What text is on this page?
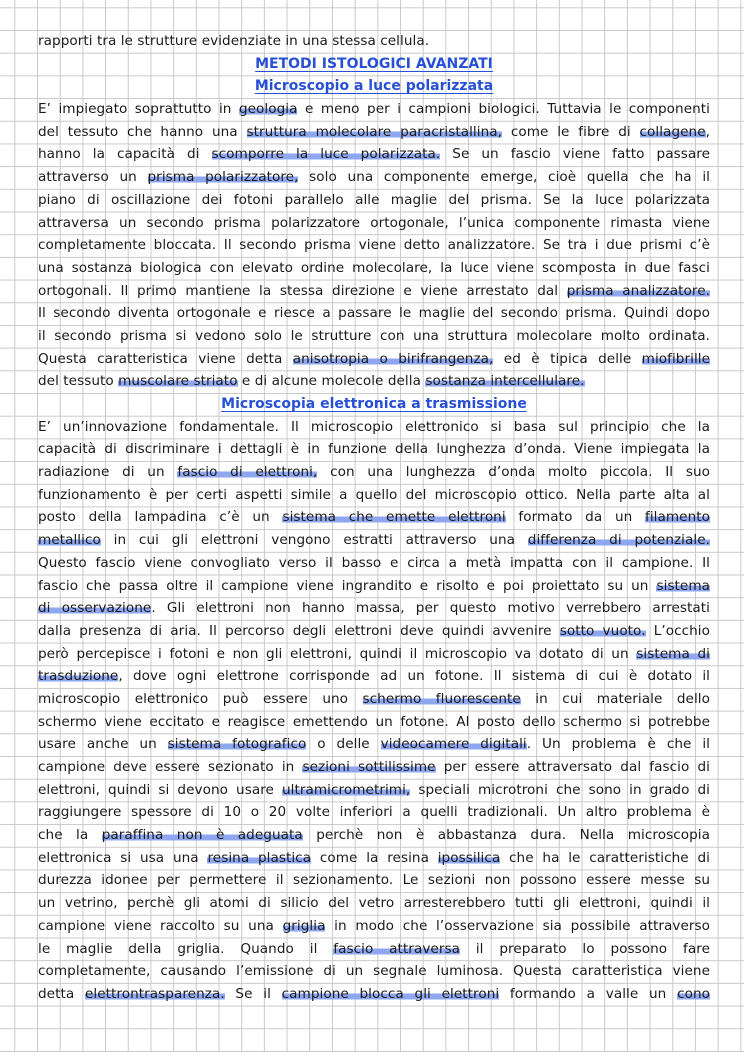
rapporti tra le strutture evidenziate in una stessa cellula.
METODI ISTOLOGICI AVANZATI
Microscopio a luce polarizzata
E’ impiegato soprattutto in geologia e meno per i campioni biologici. Tuttavia le componenti
del tessuto che hanno una struttura molecolare paracristallina, come le fibre di collagene,
hanno la capacità di scomporre la luce polarizzata. Se un fascio viene fatto passare
attraverso un prisma polarizzatore, solo una componente emerge, cioè quella che ha il
piano di oscillazione dei fotoni parallelo alle maglie del prisma. Se la luce polarizzata
attraversa un secondo prisma polarizzatore ortogonale, l’unica componente rimasta viene
completamente bloccata. Il secondo prisma viene detto analizzatore. Se tra i due prismi c’è
una sostanza biologica con elevato ordine molecolare, la luce viene scomposta in due fasci
ortogonali. Il primo mantiene la stessa direzione e viene arrestato dal prisma analizzatore.
Il secondo diventa ortogonale e riesce a passare le maglie del secondo prisma. Quindi dopo
il secondo prisma si vedono solo le strutture con una struttura molecolare molto ordinata.
Questa caratteristica viene detta anisotropia o birifrangenza, ed è tipica delle miofibrille
del tessuto muscolare striato e di alcune molecole della sostanza intercellulare.
Microscopia elettronica a trasmissione
E’ un’innovazione fondamentale. Il microscopio elettronico si basa sul principio che la
capacità di discriminare i dettagli è in funzione della lunghezza d’onda. Viene impiegata la
radiazione di un fascio di elettroni, con una lunghezza d’onda molto piccola. Il suo
funzionamento è per certi aspetti simile a quello del microscopio ottico. Nella parte alta al
posto della lampadina c’è un sistema che emette elettroni formato da un filamento
metallico in cui gli elettroni vengono estratti attraverso una differenza di potenziale.
Questo fascio viene convogliato verso il basso e circa a metà impatta con il campione. Il
fascio che passa oltre il campione viene ingrandito e risolto e poi proiettato su un sistema
di osservazione. Gli elettroni non hanno massa, per questo motivo verrebbero arrestati
dalla presenza di aria. Il percorso degli elettroni deve quindi avvenire sotto vuoto. L’occhio
però percepisce i fotoni e non gli elettroni, quindi il microscopio va dotato di un sistema di
trasduzione, dove ogni elettrone corrisponde ad un fotone. Il sistema di cui è dotato il
microscopio elettronico può essere uno schermo fluorescente in cui materiale dello
schermo viene eccitato e reagisce emettendo un fotone. Al posto dello schermo si potrebbe
usare anche un sistema fotografico o delle videocamere digitali. Un problema è che il
campione deve essere sezionato in sezioni sottilissime per essere attraversato dal fascio di
elettroni, quindi si devono usare ultramicrometrimi, speciali microtroni che sono in grado di
raggiungere spessore di 10 o 20 volte inferiori a quelli tradizionali. Un altro problema è
che la paraffina non è adeguata perchè non è abbastanza dura. Nella microscopia
elettronica si usa una resina plastica come la resina ipossilica che ha le caratteristiche di
durezza idonee per permettere il sezionamento. Le sezioni non possono essere messe su
un vetrino, perchè gli atomi di silicio del vetro arresterebbero tutti gli elettroni, quindi il
campione viene raccolto su una griglia in modo che l’osservazione sia possibile attraverso
le maglie della griglia. Quando il fascio attraversa il preparato lo possono fare
completamente, causando l’emissione di un segnale luminosa. Questa caratteristica viene
detta elettrontrasparenza. Se il campione blocca gli elettroni formando a valle un cono
